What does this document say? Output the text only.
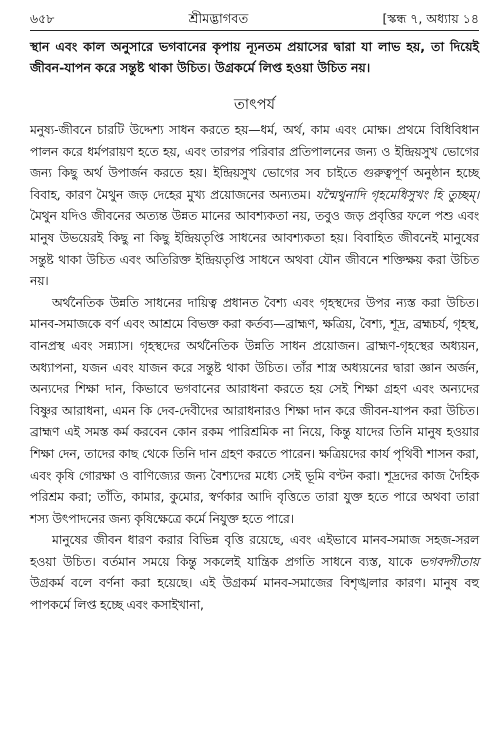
৬৫৮	শ্রীমদ্ভাগবত	[স্কন্ধ ৭, অধ্যায় ১৪
স্থান এবং কাল অনুসারে ভগবানের কৃপায় ন্যূনতম প্রয়াসের দ্বারা যা লাভ হয়, তা দিয়েই জীবন-যাপন করে সন্তুষ্ট থাকা উচিত। উগ্রকর্মে লিপ্ত হওয়া উচিত নয়।
তাৎপর্য

মনুষ্য-জীবনে চারটি উদ্দেশ্য সাধন করতে হয়—ধর্ম, অর্থ, কাম এবং মোক্ষ। প্রথমে বিধিবিধান পালন করে ধর্মপরায়ণ হতে হয়, এবং তারপর পরিবার প্রতিপালনের জন্য ও ইন্দ্রিয়সুখ ভোগের জন্য কিছু অর্থ উপার্জন করতে হয়। ইন্দ্রিয়সুখ ভোগের সব চাইতে গুরুত্বপূর্ণ অনুষ্ঠান হচ্ছে বিবাহ, কারণ মৈথুন জড় দেহের মুখ্য প্রয়োজনের অন্যতম। যন্মৈথুনাদি গৃহমেধিসুখং হি তুচ্ছম্। মৈথুন যদিও জীবনের অত্যন্ত উন্নত মানের আবশ্যকতা নয়, তবুও জড় প্রবৃত্তির ফলে পশু এবং মানুষ উভয়েরই কিছু না কিছু ইন্দ্রিয়তৃপ্তি সাধনের আবশ্যকতা হয়। বিবাহিত জীবনেই মানুষের সন্তুষ্ট থাকা উচিত এবং অতিরিক্ত ইন্দ্রিয়তৃপ্তি সাধনে অথবা যৌন জীবনে শক্তিক্ষয় করা উচিত নয়।

অর্থনৈতিক উন্নতি সাধনের দায়িত্ব প্রধানত বৈশ্য এবং গৃহস্থদের উপর ন্যস্ত করা উচিত। মানব-সমাজকে বর্ণ এবং আশ্রমে বিভক্ত করা কর্তব্য—ব্রাহ্মণ, ক্ষত্রিয়, বৈশ্য, শূদ্র, ব্রহ্মচর্য, গৃহস্থ, বানপ্রস্থ এবং সন্ন্যাস। গৃহস্থদের অর্থনৈতিক উন্নতি সাধন প্রয়োজন। ব্রাহ্মণ-গৃহস্থের অধ্যয়ন, অধ্যাপনা, যজন এবং যাজন করে সন্তুষ্ট থাকা উচিত। তাঁর শাস্ত্র অধ্যয়নের দ্বারা জ্ঞান অর্জন, অন্যদের শিক্ষা দান, কিভাবে ভগবানের আরাধনা করতে হয় সেই শিক্ষা গ্রহণ এবং অন্যদের বিষ্ণুর আরাধনা, এমন কি দেব-দেবীদের আরাধনারও শিক্ষা দান করে জীবন-যাপন করা উচিত। ব্রাহ্মণ এই সমস্ত কর্ম করবেন কোন রকম পারিশ্রমিক না নিয়ে, কিন্তু যাদের তিনি মানুষ হওয়ার শিক্ষা দেন, তাদের কাছ থেকে তিনি দান গ্রহণ করতে পারেন। ক্ষত্রিয়দের কার্য পৃথিবী শাসন করা, এবং কৃষি গোরক্ষা ও বাণিজ্যের জন্য বৈশ্যদের মধ্যে সেই ভূমি বণ্টন করা। শূদ্রদের কাজ দৈহিক পরিশ্রম করা; তাঁতি, কামার, কুমোর, স্বর্ণকার আদি বৃত্তিতে তারা যুক্ত হতে পারে অথবা তারা শস্য উৎপাদনের জন্য কৃষিক্ষেত্রে কর্মে নিযুক্ত হতে পারে।

মানুষের জীবন ধারণ করার বিভিন্ন বৃত্তি রয়েছে, এবং এইভাবে মানব-সমাজ সহজ-সরল হওয়া উচিত। বর্তমান সময়ে কিন্তু সকলেই যান্ত্রিক প্রগতি সাধনে ব্যস্ত, যাকে ভগবদ্গীতায় উগ্রকর্ম বলে বর্ণনা করা হয়েছে। এই উগ্রকর্ম মানব-সমাজের বিশৃঙ্খলার কারণ। মানুষ বহু পাপকর্মে লিপ্ত হচ্ছে এবং কসাইখানা,
